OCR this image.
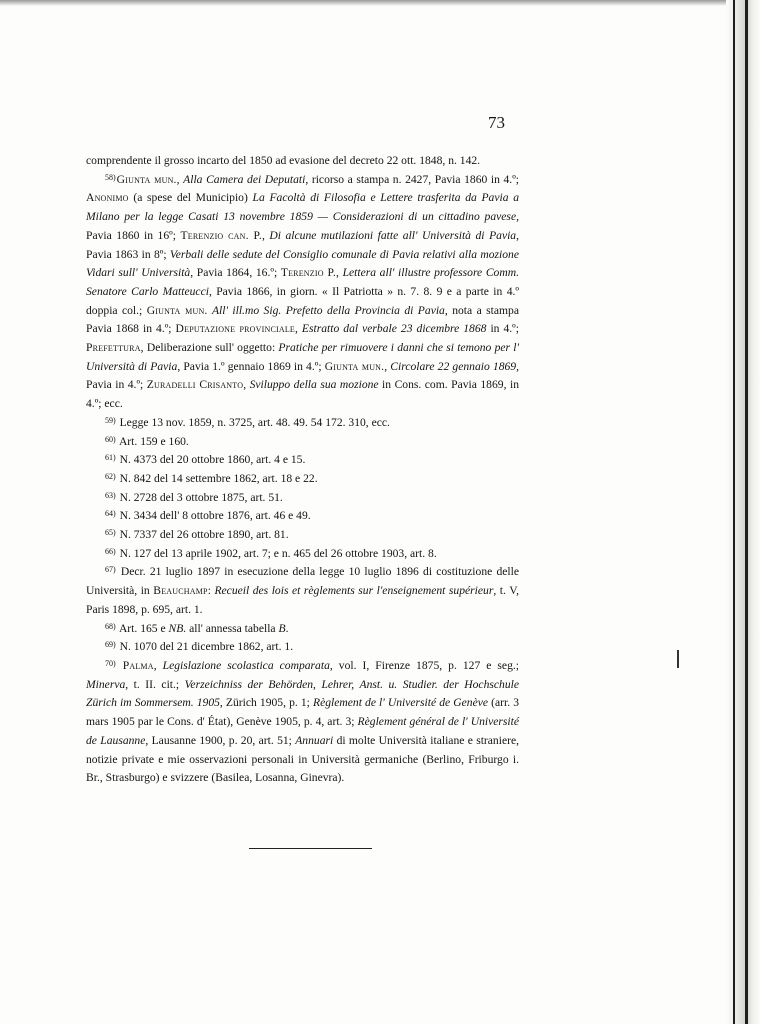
73

comprendente il grosso incarto del 1850 ad evasione del decreto 22 ott. 1848, n. 142.

$^{58)}$Giunta mun., Alla Camera dei Deputati, ricorso a stampa n. 2427, Pavia 1860 in 4.º; Anonimo (a spese del Municipio) La Facoltà di Filosofia e Lettere trasferita da Pavia a Milano per la legge Casati 13 novembre 1859 — Considerazioni di un cittadino pavese, Pavia 1860 in 16º; Terenzio can. P., Di alcune mutilazioni fatte all' Università di Pavia, Pavia 1863 in 8º; Verbali delle sedute del Consiglio comunale di Pavia relativi alla mozione Vidari sull' Università, Pavia 1864, 16.º; Terenzio P., Lettera all' illustre professore Comm. Senatore Carlo Matteucci, Pavia 1866, in giorn. « Il Patriotta » n. 7. 8. 9 e a parte in 4.º doppia col.; Giunta mun. All' ill.mo Sig. Prefetto della Provincia di Pavia, nota a stampa Pavia 1868 in 4.º; Deputazione provinciale, Estratto dal verbale 23 dicembre 1868 in 4.º; Prefettura, Deliberazione sull' oggetto: Pratiche per rimuovere i danni che si temono per l' Università di Pavia, Pavia 1.º gennaio 1869 in 4.º; Giunta mun., Circolare 22 gennaio 1869, Pavia in 4.º; Zuradelli Crisanto, Sviluppo della sua mozione in Cons. com. Pavia 1869, in 4.º; ecc.

$^{59)}$ Legge 13 nov. 1859, n. 3725, art. 48. 49. 54 172. 310, ecc.

$^{60)}$ Art. 159 e 160.

$^{61)}$ N. 4373 del 20 ottobre 1860, art. 4 e 15.

$^{62)}$ N. 842 del 14 settembre 1862, art. 18 e 22.

$^{63)}$ N. 2728 del 3 ottobre 1875, art. 51.

$^{64)}$ N. 3434 dell' 8 ottobre 1876, art. 46 e 49.

$^{65)}$ N. 7337 del 26 ottobre 1890, art. 81.

$^{66)}$ N. 127 del 13 aprile 1902, art. 7; e n. 465 del 26 ottobre 1903, art. 8.

$^{67)}$ Decr. 21 luglio 1897 in esecuzione della legge 10 luglio 1896 di costituzione delle Università, in Beauchamp: Recueil des lois et règlements sur l'enseignement supérieur, t. V, Paris 1898, p. 695, art. 1.

$^{68)}$ Art. 165 e NB. all' annessa tabella B.

$^{69)}$ N. 1070 del 21 dicembre 1862, art. 1.

$^{70)}$ Palma, Legislazione scolastica comparata, vol. I, Firenze 1875, p. 127 e seg.; Minerva, t. II. cit.; Verzeichniss der Behörden, Lehrer, Anst. u. Studier. der Hochschule Zürich im Sommersem. 1905, Zürich 1905, p. 1; Règlement de l' Université de Genève (arr. 3 mars 1905 par le Cons. d' État), Genève 1905, p. 4, art. 3; Règlement général de l' Université de Lausanne, Lausanne 1900, p. 20, art. 51; Annuari di molte Università italiane e straniere, notizie private e mie osservazioni personali in Università germaniche (Berlino, Friburgo i. Br., Strasburgo) e svizzere (Basilea, Losanna, Ginevra).
